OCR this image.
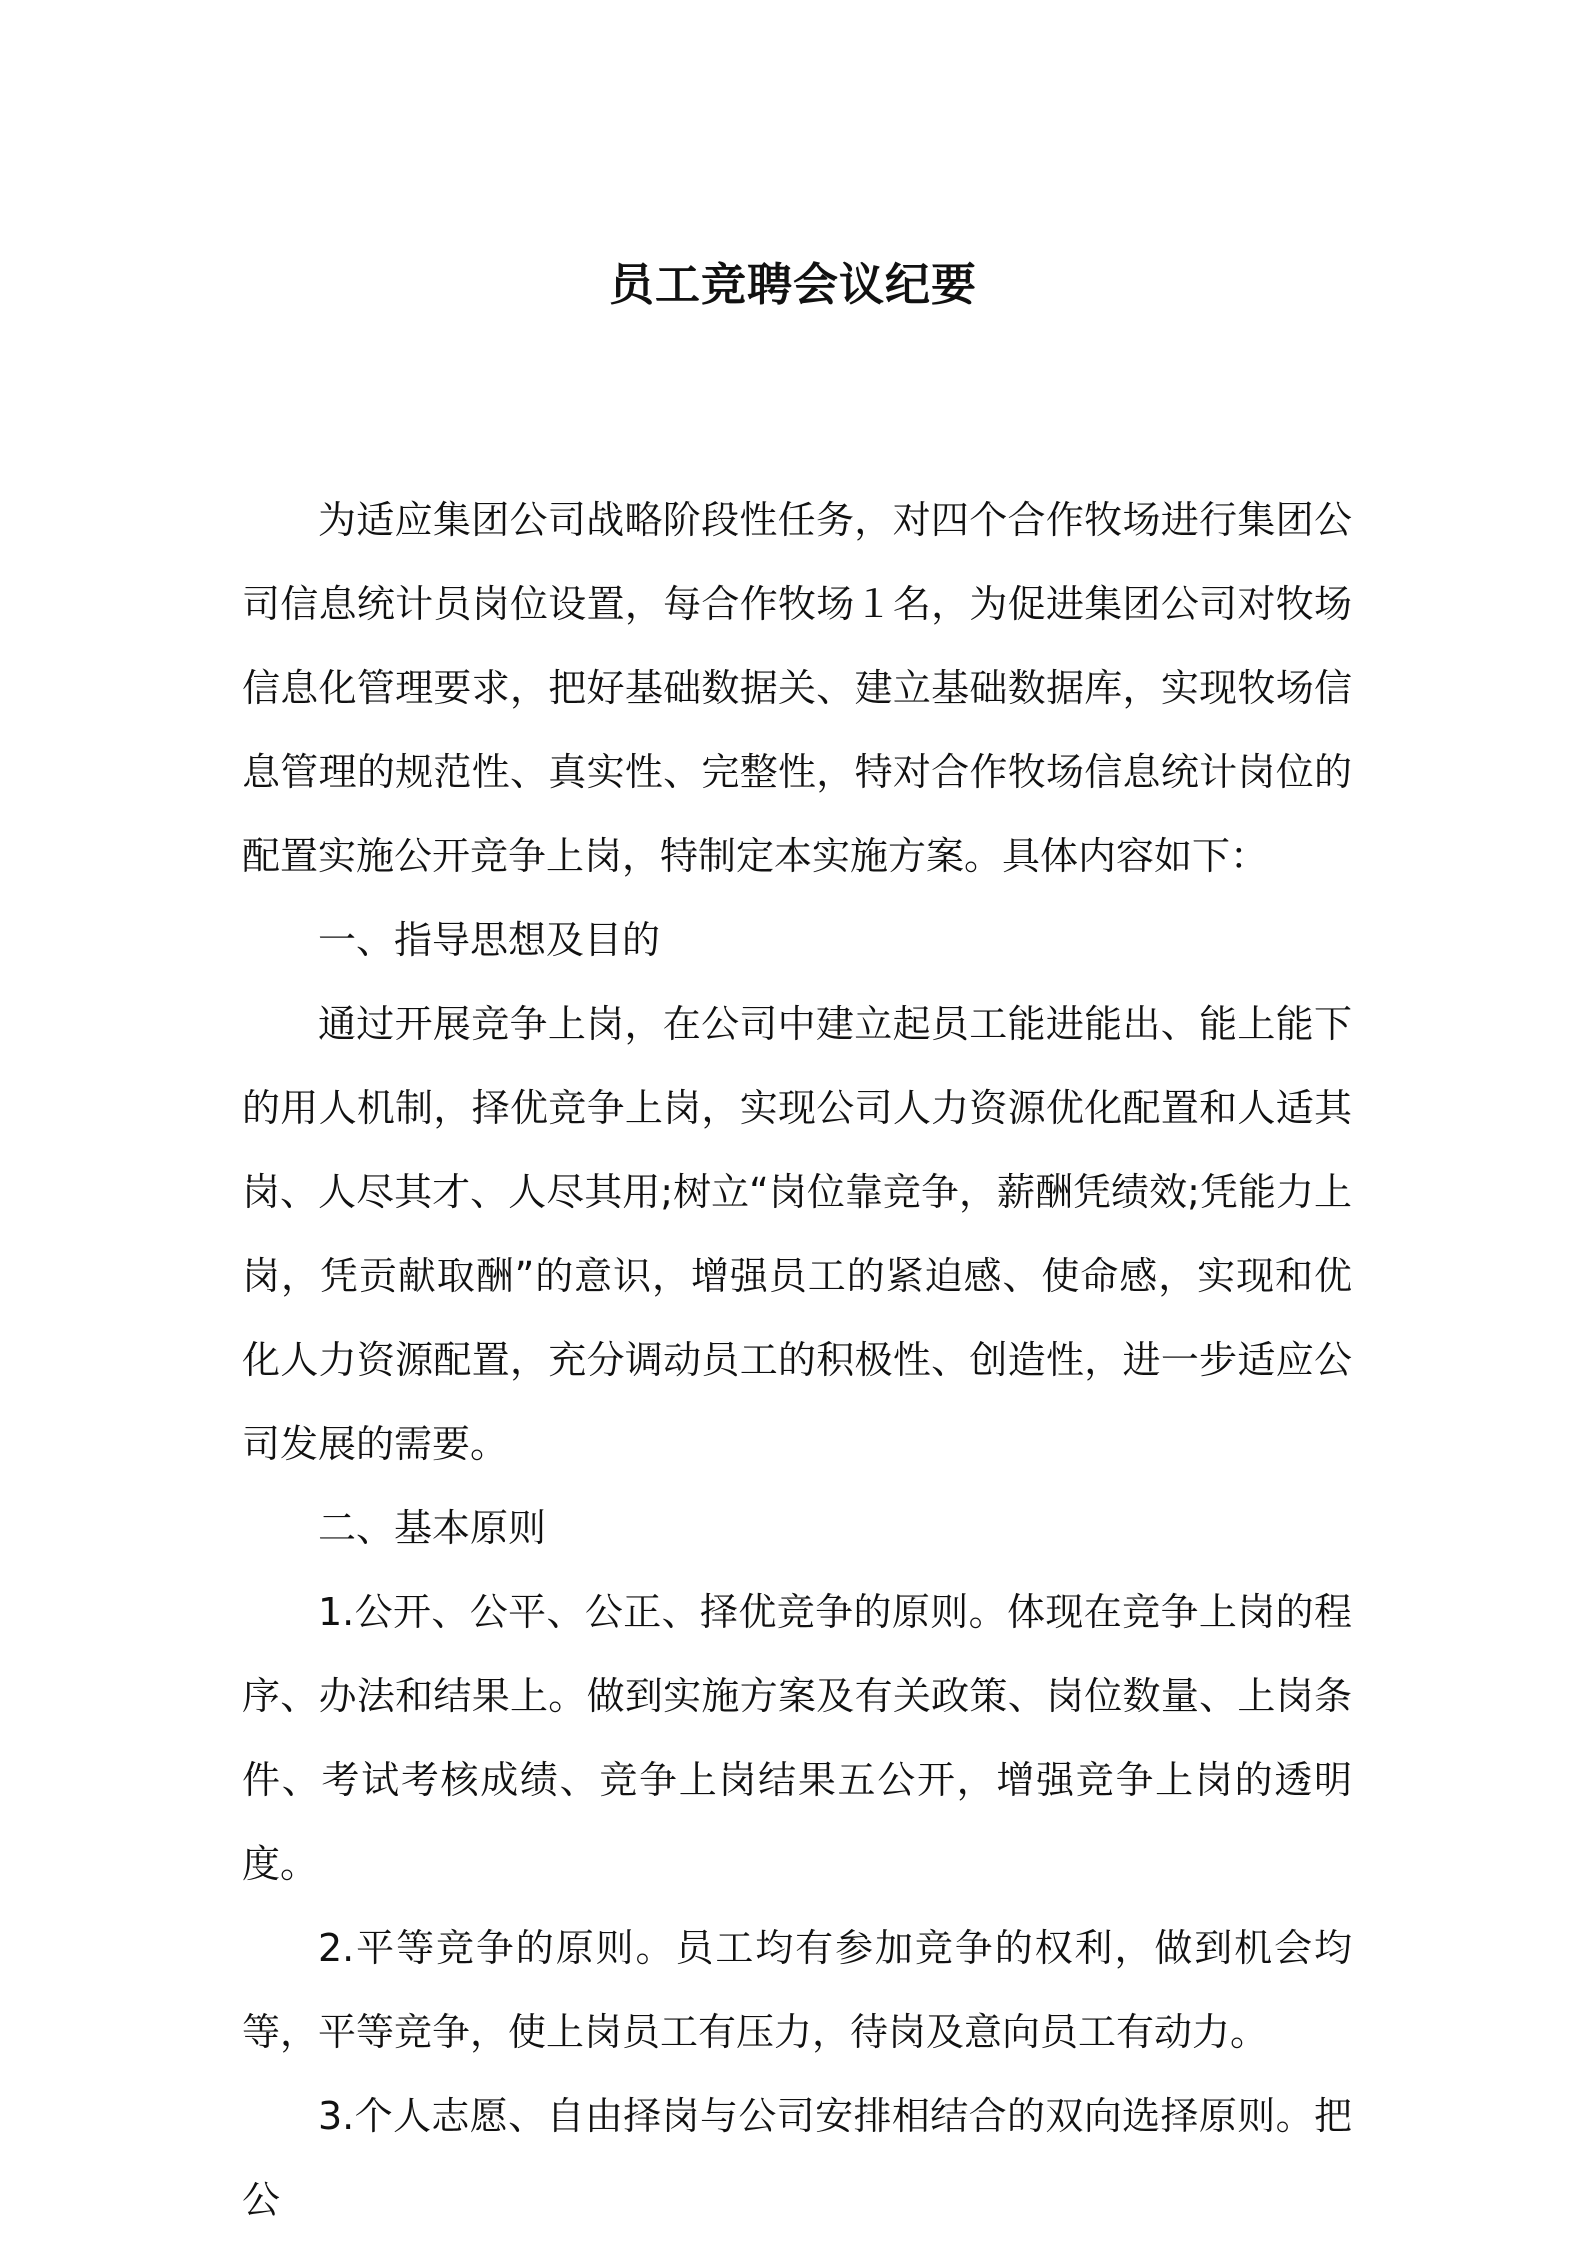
员工竞聘会议纪要

为适应集团公司战略阶段性任务，对四个合作牧场进行集团公司信息统计员岗位设置，每合作牧场１名，为促进集团公司对牧场信息化管理要求，把好基础数据关、建立基础数据库，实现牧场信息管理的规范性、真实性、完整性，特对合作牧场信息统计岗位的配置实施公开竞争上岗，特制定本实施方案。具体内容如下：

一、指导思想及目的

通过开展竞争上岗，在公司中建立起员工能进能出、能上能下的用人机制，择优竞争上岗，实现公司人力资源优化配置和人适其岗、人尽其才、人尽其用;树立“岗位靠竞争，薪酬凭绩效;凭能力上岗，凭贡献取酬”的意识，增强员工的紧迫感、使命感，实现和优化人力资源配置，充分调动员工的积极性、创造性，进一步适应公司发展的需要。

二、基本原则

1.公开、公平、公正、择优竞争的原则。体现在竞争上岗的程序、办法和结果上。做到实施方案及有关政策、岗位数量、上岗条件、考试考核成绩、竞争上岗结果五公开，增强竞争上岗的透明度。

2.平等竞争的原则。员工均有参加竞争的权利，做到机会均等，平等竞争，使上岗员工有压力，待岗及意向员工有动力。

3.个人志愿、自由择岗与公司安排相结合的双向选择原则。把公
